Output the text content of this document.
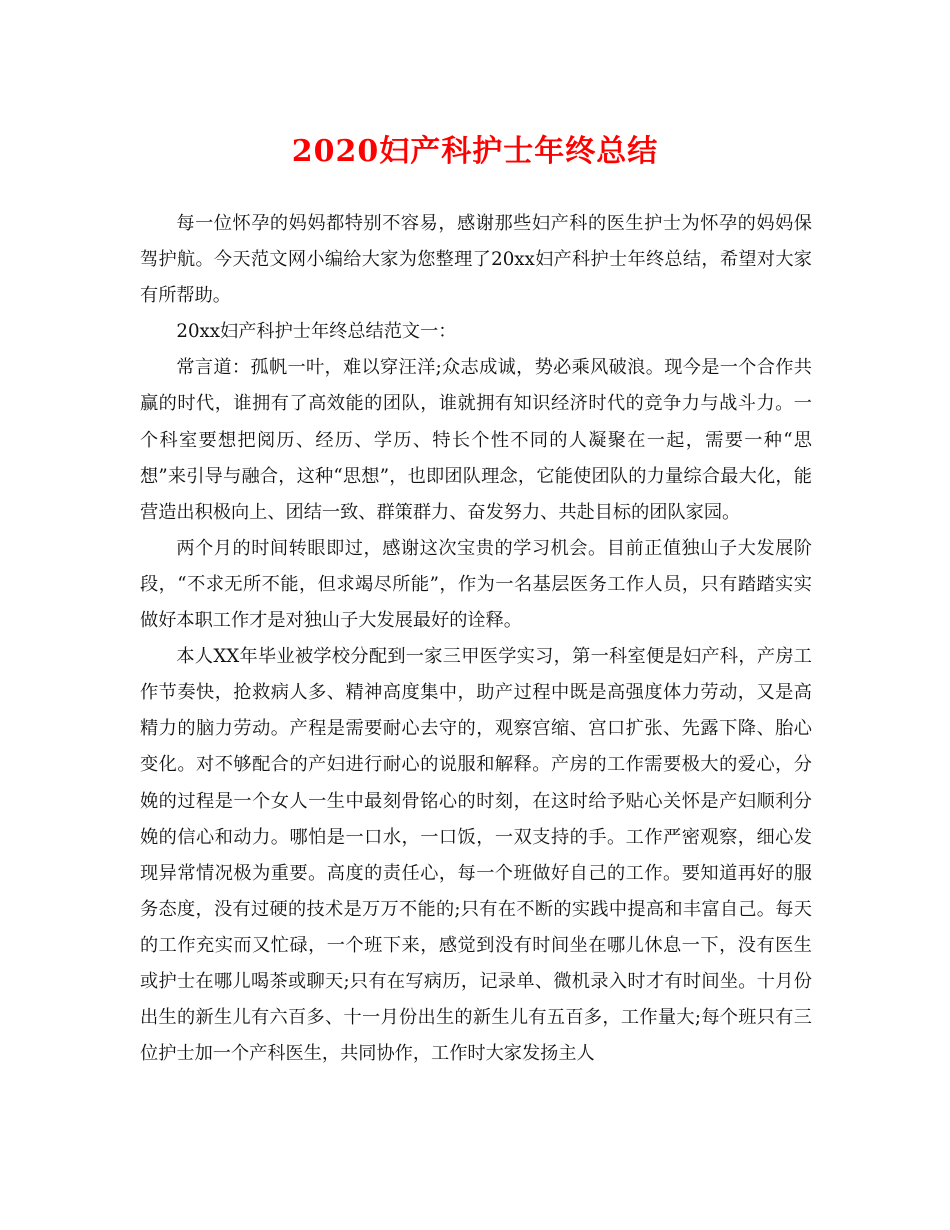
2020妇产科护士年终总结

每一位怀孕的妈妈都特别不容易，感谢那些妇产科的医生护士为怀孕的妈妈保驾护航。今天范文网小编给大家为您整理了20xx妇产科护士年终总结，希望对大家有所帮助。

20xx妇产科护士年终总结范文一：

常言道：孤帆一叶，难以穿汪洋;众志成诚，势必乘风破浪。现今是一个合作共赢的时代，谁拥有了高效能的团队，谁就拥有知识经济时代的竞争力与战斗力。一个科室要想把阅历、经历、学历、特长个性不同的人凝聚在一起，需要一种“思想”来引导与融合，这种“思想”，也即团队理念，它能使团队的力量综合最大化，能营造出积极向上、团结一致、群策群力、奋发努力、共赴目标的团队家园。

两个月的时间转眼即过，感谢这次宝贵的学习机会。目前正值独山子大发展阶段，“不求无所不能，但求竭尽所能”，作为一名基层医务工作人员，只有踏踏实实做好本职工作才是对独山子大发展最好的诠释。

本人XX年毕业被学校分配到一家三甲医学实习，第一科室便是妇产科，产房工作节奏快，抢救病人多、精神高度集中，助产过程中既是高强度体力劳动，又是高精力的脑力劳动。产程是需要耐心去守的，观察宫缩、宫口扩张、先露下降、胎心变化。对不够配合的产妇进行耐心的说服和解释。产房的工作需要极大的爱心，分娩的过程是一个女人一生中最刻骨铭心的时刻，在这时给予贴心关怀是产妇顺利分娩的信心和动力。哪怕是一口水，一口饭，一双支持的手。工作严密观察，细心发现异常情况极为重要。高度的责任心，每一个班做好自己的工作。要知道再好的服务态度，没有过硬的技术是万万不能的;只有在不断的实践中提高和丰富自己。每天的工作充实而又忙碌，一个班下来，感觉到没有时间坐在哪儿休息一下，没有医生或护士在哪儿喝茶或聊天;只有在写病历，记录单、微机录入时才有时间坐。十月份出生的新生儿有六百多、十一月份出生的新生儿有五百多，工作量大;每个班只有三位护士加一个产科医生，共同协作，工作时大家发扬主人
